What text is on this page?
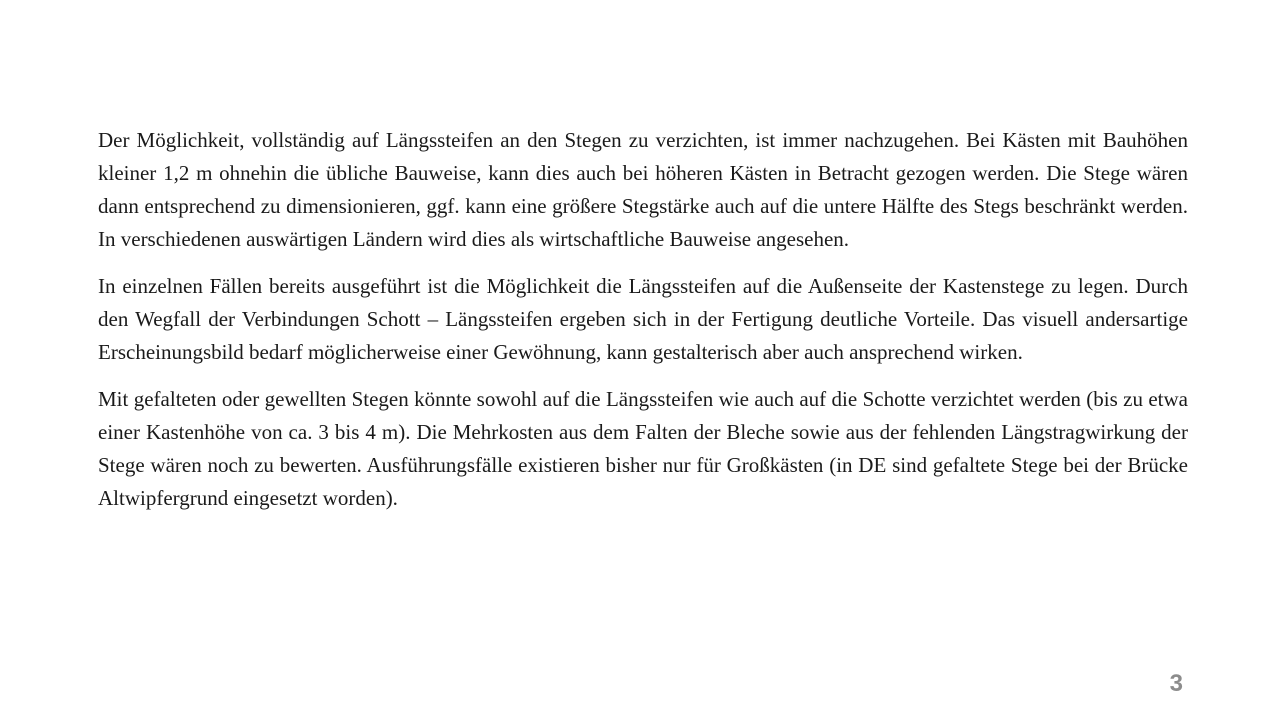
Der Möglichkeit, vollständig auf Längssteifen an den Stegen zu verzichten, ist immer nachzugehen. Bei Kästen mit Bauhöhen kleiner 1,2 m ohnehin die übliche Bauweise, kann dies auch bei höheren Kästen in Betracht gezogen werden. Die Stege wären dann entsprechend zu dimensionieren, ggf. kann eine größere Stegstärke auch auf die untere Hälfte des Stegs beschränkt werden. In verschiedenen auswärtigen Ländern wird dies als wirtschaftliche Bauweise angesehen.

In einzelnen Fällen bereits ausgeführt ist die Möglichkeit die Längssteifen auf die Außenseite der Kastenstege zu legen. Durch den Wegfall der Verbindungen Schott – Längssteifen ergeben sich in der Fertigung deutliche Vorteile. Das visuell andersartige Erscheinungsbild bedarf möglicherweise einer Gewöhnung, kann gestalterisch aber auch ansprechend wirken.

Mit gefalteten oder gewellten Stegen könnte sowohl auf die Längssteifen wie auch auf die Schotte verzichtet werden (bis zu etwa einer Kastenhöhe von ca. 3 bis 4 m). Die Mehrkosten aus dem Falten der Bleche sowie aus der fehlenden Längstragwirkung der Stege wären noch zu bewerten. Ausführungsfälle existieren bisher nur für Großkästen (in DE sind gefaltete Stege bei der Brücke Altwipfergrund eingesetzt worden).

3
